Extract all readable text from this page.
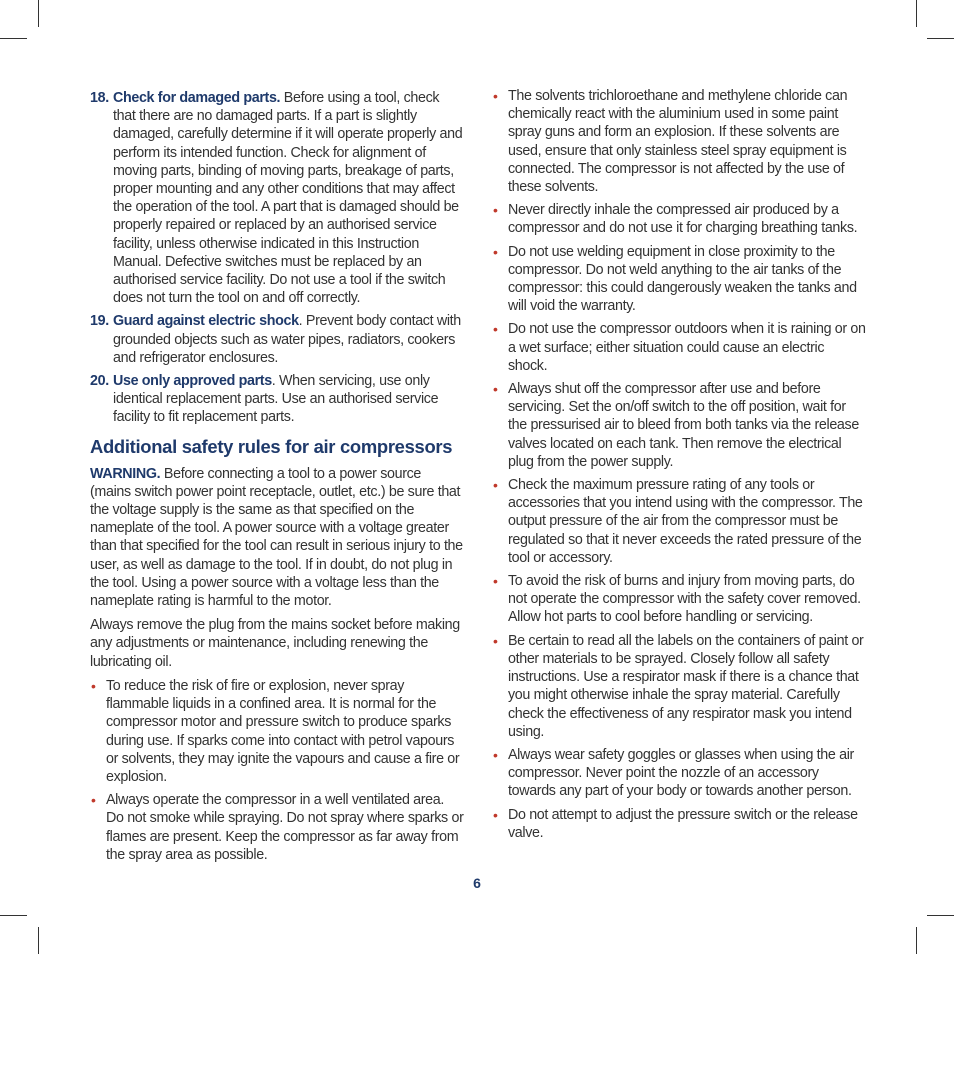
18. Check for damaged parts. Before using a tool, check that there are no damaged parts. If a part is slightly damaged, carefully determine if it will operate properly and perform its intended function. Check for alignment of moving parts, binding of moving parts, breakage of parts, proper mounting and any other conditions that may affect the operation of the tool. A part that is damaged should be properly repaired or replaced by an authorised service facility, unless otherwise indicated in this Instruction Manual. Defective switches must be replaced by an authorised service facility. Do not use a tool if the switch does not turn the tool on and off correctly.
19. Guard against electric shock. Prevent body contact with grounded objects such as water pipes, radiators, cookers and refrigerator enclosures.
20. Use only approved parts. When servicing, use only identical replacement parts. Use an authorised service facility to fit replacement parts.
Additional safety rules for air compressors

WARNING. Before connecting a tool to a power source (mains switch power point receptacle, outlet, etc.) be sure that the voltage supply is the same as that specified on the nameplate of the tool. A power source with a voltage greater than that specified for the tool can result in serious injury to the user, as well as damage to the tool. If in doubt, do not plug in the tool. Using a power source with a voltage less than the nameplate rating is harmful to the motor.

Always remove the plug from the mains socket before making any adjustments or maintenance, including renewing the lubricating oil.

• To reduce the risk of fire or explosion, never spray flammable liquids in a confined area. It is normal for the compressor motor and pressure switch to produce sparks during use. If sparks come into contact with petrol vapours or solvents, they may ignite the vapours and cause a fire or explosion.
• Always operate the compressor in a well ventilated area. Do not smoke while spraying. Do not spray where sparks or flames are present. Keep the compressor as far away from the spray area as possible.
• The solvents trichloroethane and methylene chloride can chemically react with the aluminium used in some paint spray guns and form an explosion. If these solvents are used, ensure that only stainless steel spray equipment is connected. The compressor is not affected by the use of these solvents.
• Never directly inhale the compressed air produced by a compressor and do not use it for charging breathing tanks.
• Do not use welding equipment in close proximity to the compressor. Do not weld anything to the air tanks of the compressor: this could dangerously weaken the tanks and will void the warranty.
• Do not use the compressor outdoors when it is raining or on a wet surface; either situation could cause an electric shock.
• Always shut off the compressor after use and before servicing. Set the on/off switch to the off position, wait for the pressurised air to bleed from both tanks via the release valves located on each tank. Then remove the electrical plug from the power supply.
• Check the maximum pressure rating of any tools or accessories that you intend using with the compressor. The output pressure of the air from the compressor must be regulated so that it never exceeds the rated pressure of the tool or accessory.
• To avoid the risk of burns and injury from moving parts, do not operate the compressor with the safety cover removed. Allow hot parts to cool before handling or servicing.
• Be certain to read all the labels on the containers of paint or other materials to be sprayed. Closely follow all safety instructions. Use a respirator mask if there is a chance that you might otherwise inhale the spray material. Carefully check the effectiveness of any respirator mask you intend using.
• Always wear safety goggles or glasses when using the air compressor. Never point the nozzle of an accessory towards any part of your body or towards another person.
• Do not attempt to adjust the pressure switch or the release valve.
6
